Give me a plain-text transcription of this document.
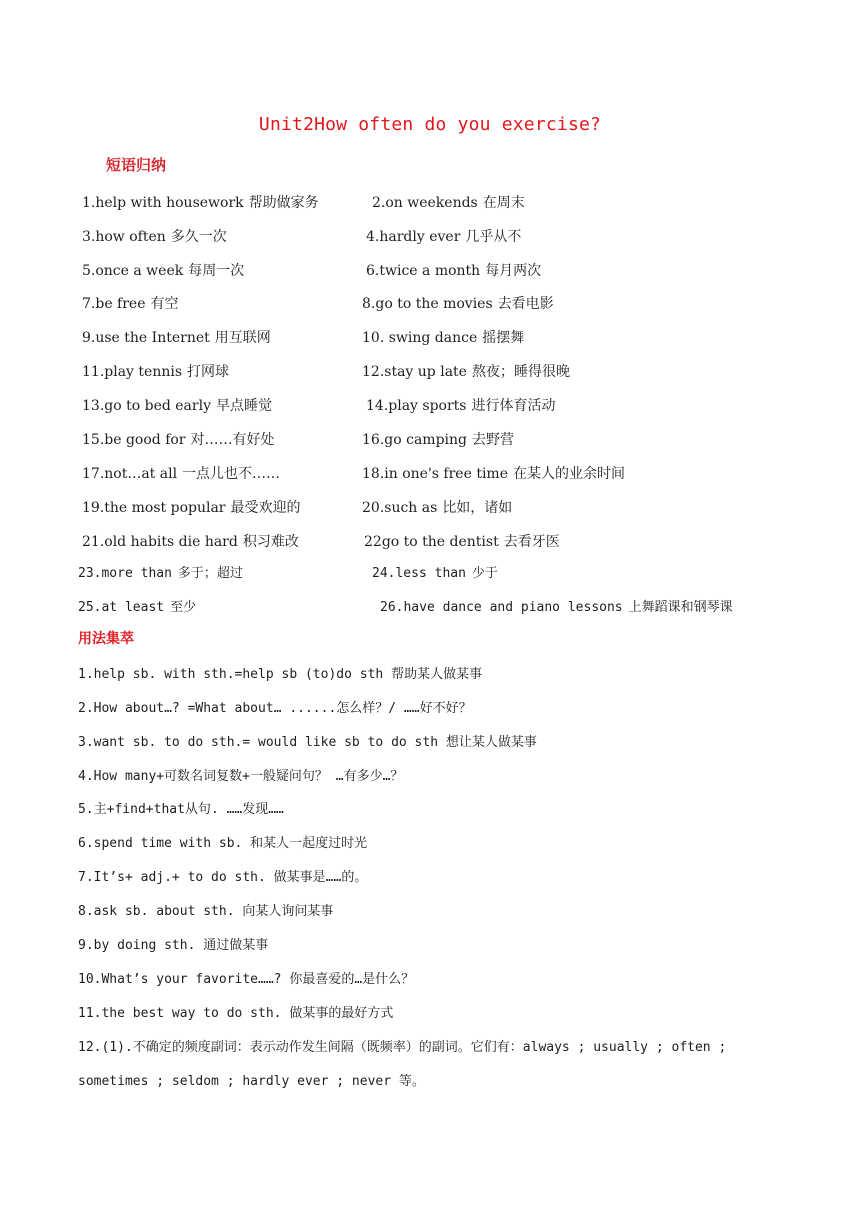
Unit2How often do you exercise?
短语归纳
1.help with housework 帮助做家务
3.how often 多久一次
5.once a week 每周一次
7.be free 有空
9.use the Internet 用互联网
11.play tennis 打网球
13.go to bed early 早点睡觉
15.be good for 对……有好处
17.not…at all 一点儿也不……
19.the most popular 最受欢迎的
21.old habits die hard 积习难改
2.on weekends 在周末
4.hardly ever 几乎从不
6.twice a month 每月两次
8.go to the movies 去看电影
10. swing dance 摇摆舞
12.stay up late 熬夜；睡得很晚
14.play sports 进行体育活动
16.go camping 去野营
18.in one's free time 在某人的业余时间
20.such as 比如，诸如
22go to the dentist 去看牙医
23.more than 多于；超过	24.less than 少于
25.at least 至少	26.have dance and piano lessons 上舞蹈课和钢琴课
用法集萃
1.help sb. with sth.=help sb (to)do sth 帮助某人做某事
2.How about…? =What about… ......怎么样？/ ……好不好？
3.want sb. to do sth.= would like sb to do sth 想让某人做某事
4.How many+可数名词复数+一般疑问句？ …有多少…？
5.主+find+that从句. ……发现……
6.spend time with sb. 和某人一起度过时光
7.It’s+ adj.+ to do sth. 做某事是……的。
8.ask sb. about sth. 向某人询问某事
9.by doing sth. 通过做某事
10.What’s your favorite……? 你最喜爱的…是什么？
11.the best way to do sth. 做某事的最好方式
12.(1).不确定的频度副词：表示动作发生间隔（既频率）的副词。它们有：always ; usually ; often ;
sometimes ; seldom ; hardly ever ; never 等。
